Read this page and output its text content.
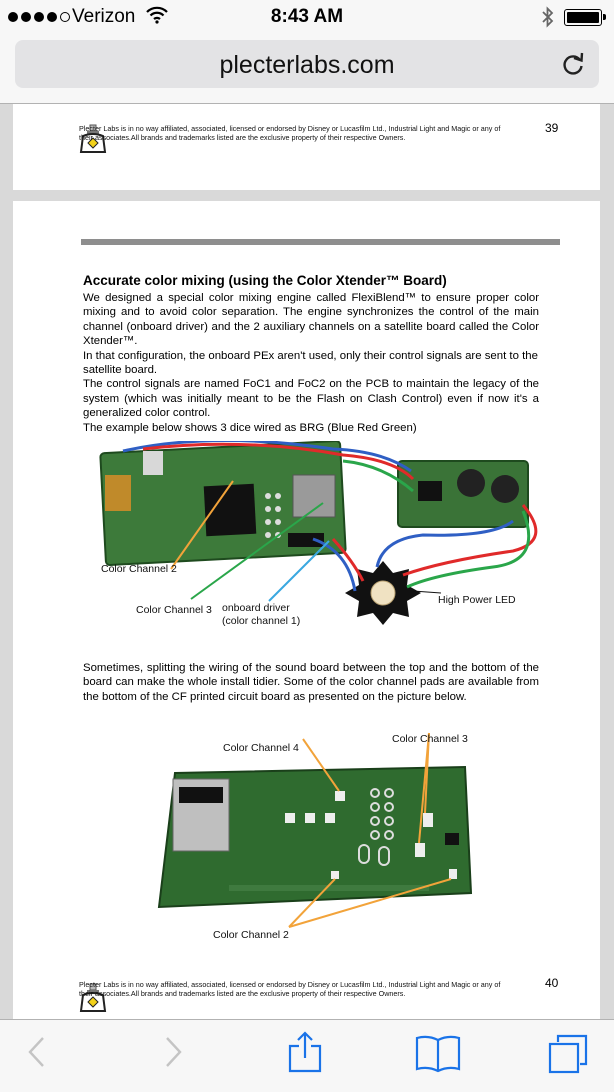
Verizon	8:43 AM
plecterlabs.com
Plecter Labs is in no way affiliated, associated, licensed or endorsed by Disney or Lucasfilm Ltd., Industrial Light and Magic or any of their associates.All brands and trademarks listed are the exclusive property of their respective Owners.
39
Accurate color mixing (using the Color Xtender™ Board)

We designed a special color mixing engine called FlexiBlend™ to ensure proper color mixing and to avoid color separation. The engine synchronizes the control of the main channel (onboard driver) and the 2 auxiliary channels on a satellite board called the Color Xtender™.

In that configuration, the onboard PEx aren't used, only their control signals are sent to the satellite board.

The control signals are named FoC1 and FoC2 on the PCB to maintain the legacy of the system (which was initially meant to be the Flash on Clash Control) even if now it's a generalized color control.

The example below shows 3 dice wired as BRG (Blue Red Green)

Color Channel 2
Color Channel 3 onboard driver
(color channel 1)
High Power LED
Sometimes, splitting the wiring of the sound board between the top and the bottom of the board can make the whole install tidier. Some of the color channel pads are available from the bottom of the CF printed circuit board as presented on the picture below.
Color Channel 4
Color Channel 3
Color Channel 2
Plecter Labs is in no way affiliated, associated, licensed or endorsed by Disney or Lucasfilm Ltd., Industrial Light and Magic or any of their associates.All brands and trademarks listed are the exclusive property of their respective Owners.
40
